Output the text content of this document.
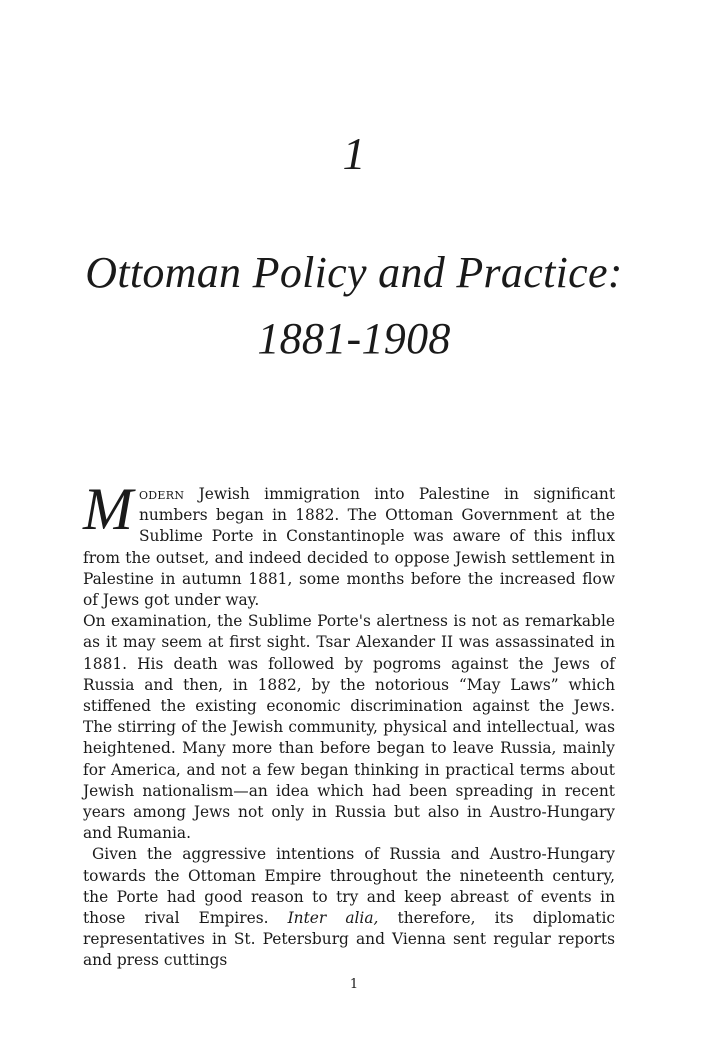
1
Ottoman Policy and Practice:
1881-1908

Modern Jewish immigration into Palestine in significant numbers began in 1882. The Ottoman Government at the Sublime Porte in Constantinople was aware of this influx from the outset, and indeed decided to oppose Jewish settlement in Palestine in autumn 1881, some months before the increased flow of Jews got under way.

On examination, the Sublime Porte's alertness is not as remarkable as it may seem at first sight. Tsar Alexander II was assassinated in 1881. His death was followed by pogroms against the Jews of Russia and then, in 1882, by the notorious “May Laws” which stiffened the existing economic discrimination against the Jews. The stirring of the Jewish community, physical and intellectual, was heightened. Many more than before began to leave Russia, mainly for America, and not a few began thinking in practical terms about Jewish nationalism—an idea which had been spreading in recent years among Jews not only in Russia but also in Austro-Hungary and Rumania.

Given the aggressive intentions of Russia and Austro-Hungary towards the Ottoman Empire throughout the nineteenth century, the Porte had good reason to try and keep abreast of events in those rival Empires. Inter alia, therefore, its diplomatic representatives in St. Petersburg and Vienna sent regular reports and press cuttings

1
